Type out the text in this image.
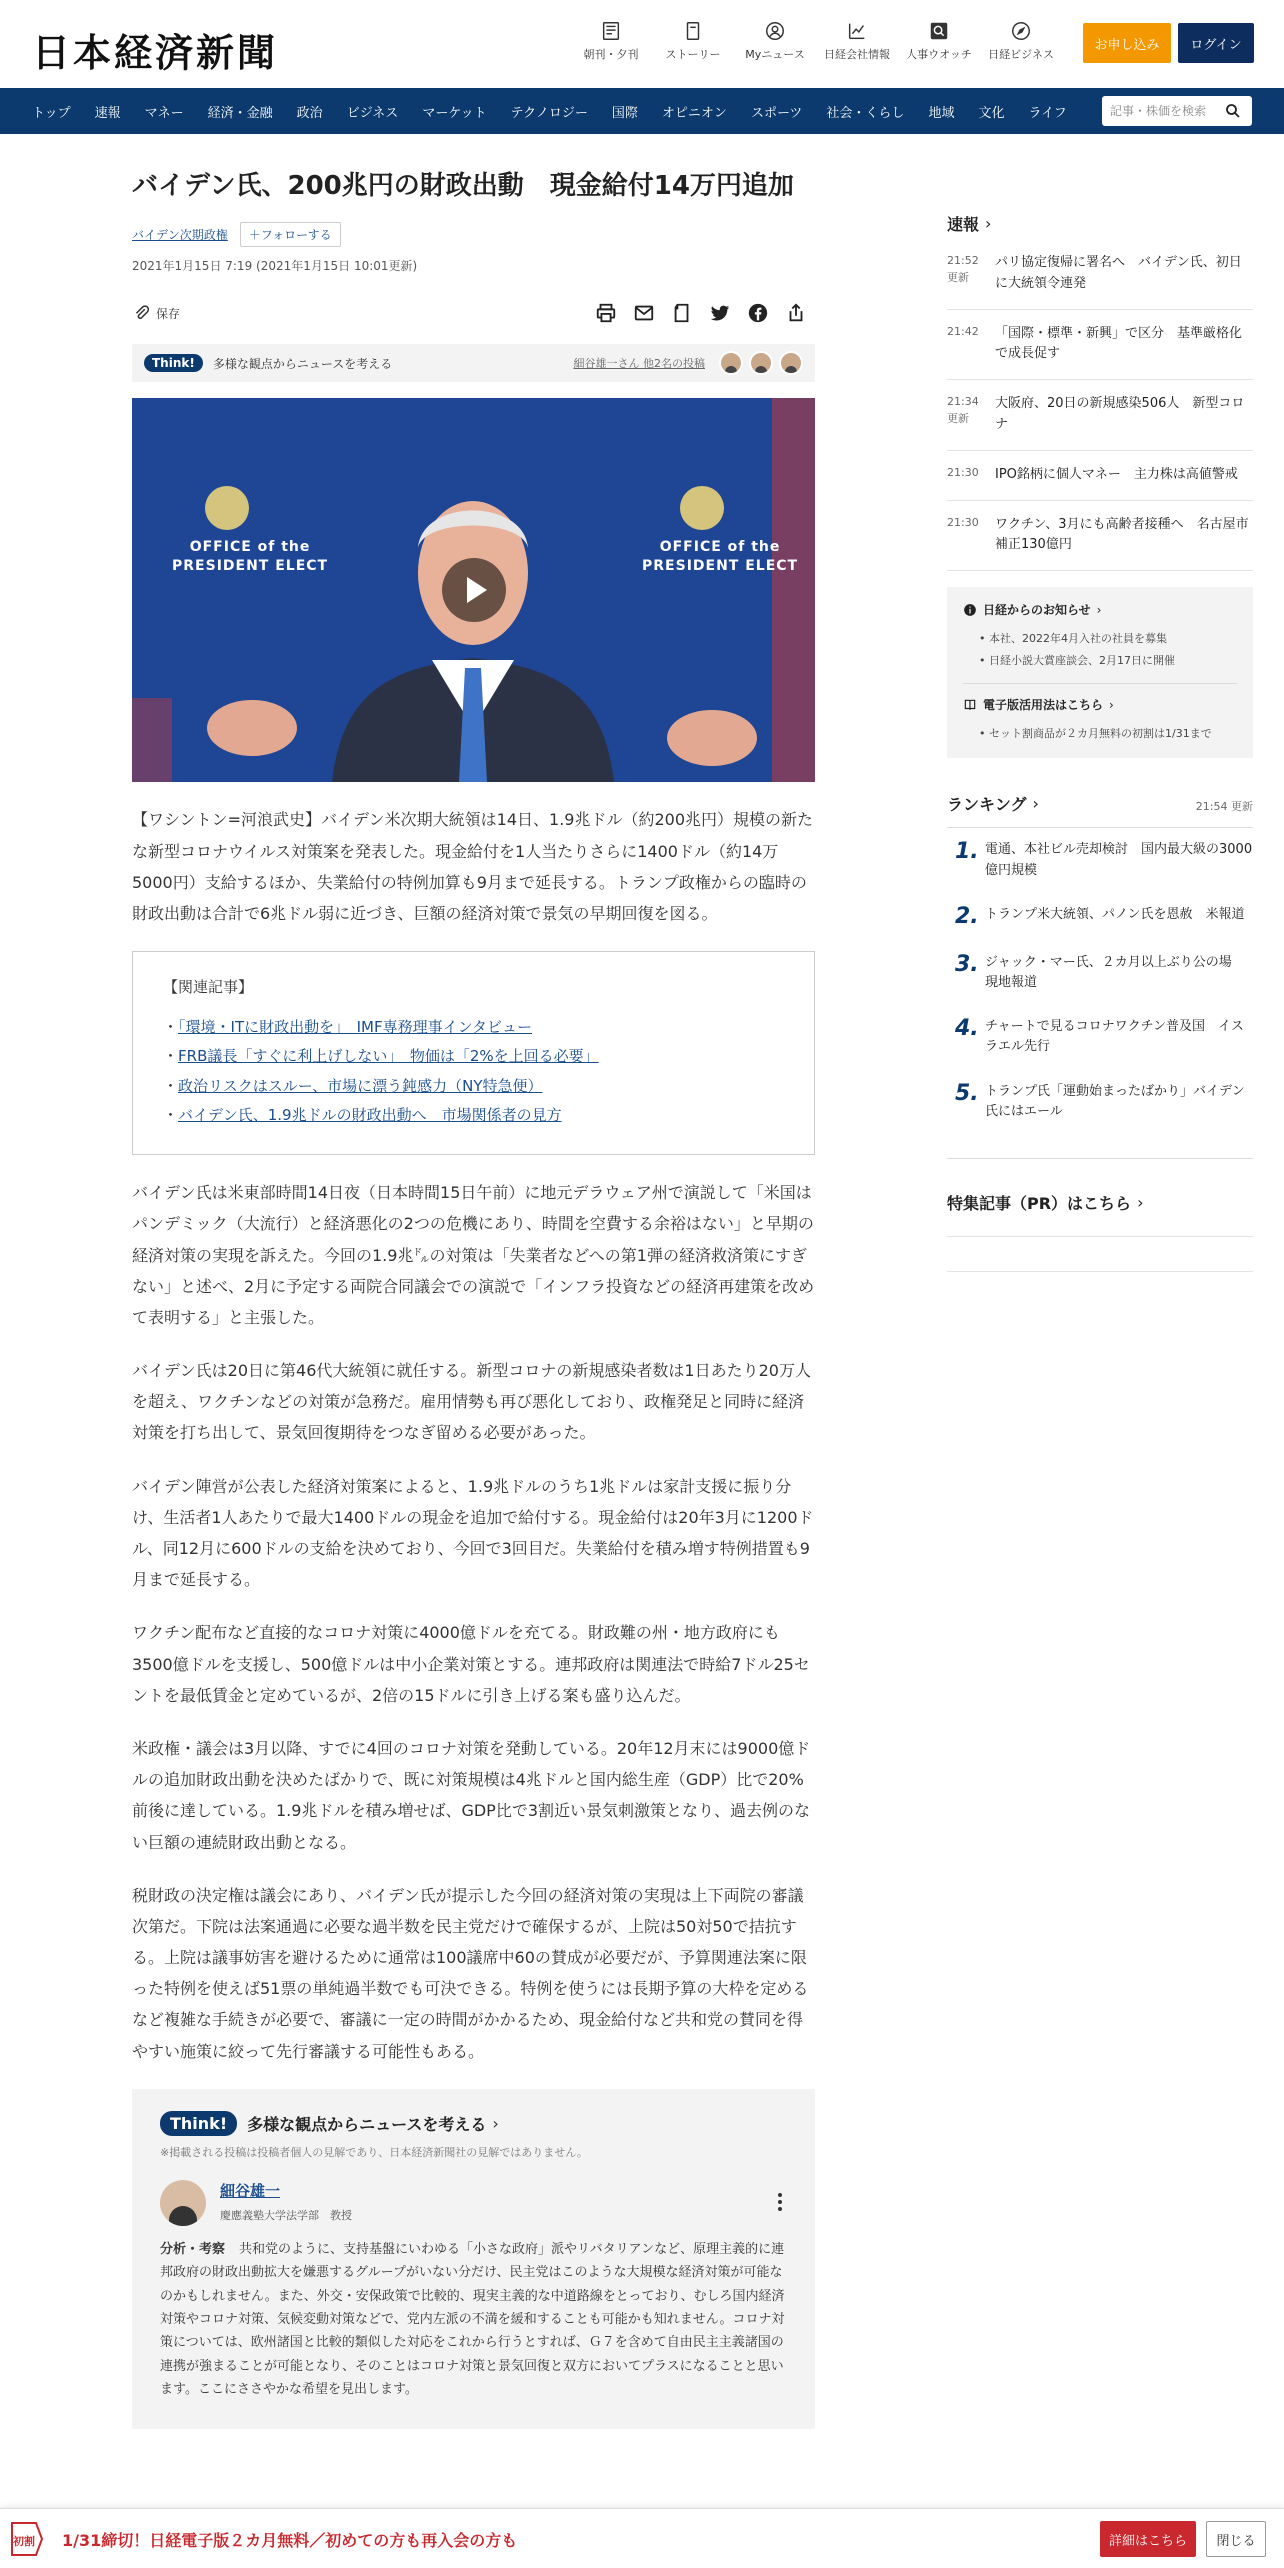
日本経済新聞	朝刊・夕刊 ストーリー Myニュース 日経会社情報 人事ウオッチ 日経ビジネス
お申し込み	ログイン
トップ	速報	マネー	経済・金融	政治	ビジネス	マーケット	テクノロジー	国際	オピニオン	スポーツ	社会・くらし	地域	文化	ライフ
記事・株価を検索
バイデン氏、200兆円の財政出動　現金給付14万円追加
バイデン次期政権	＋フォローする
2021年1月15日 7:19 (2021年1月15日 10:01更新)
保存
Think!	多様な観点からニュースを考える	細谷雄一さん 他2名の投稿
OFFICE of the
PRESIDENT ELECT
OFFICE of the
PRESIDENT ELECT

【ワシントン=河浪武史】バイデン米次期大統領は14日、1.9兆ドル（約200兆円）規模の新たな新型コロナウイルス対策案を発表した。現金給付を1人当たりさらに1400ドル（約14万5000円）支給するほか、失業給付の特例加算も9月まで延長する。トランプ政権からの臨時の財政出動は合計で6兆ドル弱に近づき、巨額の経済対策で景気の早期回復を図る。

【関連記事】
・「環境・ITに財政出動を」　IMF専務理事インタビュー
・FRB議長「すぐに利上げしない」　物価は「2%を上回る必要」
・政治リスクはスルー、市場に漂う鈍感力（NY特急便）
・バイデン氏、1.9兆ドルの財政出動へ　市場関係者の見方

バイデン氏は米東部時間14日夜（日本時間15日午前）に地元デラウェア州で演説して「米国はパンデミック（大流行）と経済悪化の2つの危機にあり、時間を空費する余裕はない」と早期の経済対策の実現を訴えた。今回の1.9兆㌦の対策は「失業者などへの第1弾の経済救済策にすぎない」と述べ、2月に予定する両院合同議会での演説で「インフラ投資などの経済再建策を改めて表明する」と主張した。

バイデン氏は20日に第46代大統領に就任する。新型コロナの新規感染者数は1日あたり20万人を超え、ワクチンなどの対策が急務だ。雇用情勢も再び悪化しており、政権発足と同時に経済対策を打ち出して、景気回復期待をつなぎ留める必要があった。

バイデン陣営が公表した経済対策案によると、1.9兆ドルのうち1兆ドルは家計支援に振り分け、生活者1人あたりで最大1400ドルの現金を追加で給付する。現金給付は20年3月に1200ドル、同12月に600ドルの支給を決めており、今回で3回目だ。失業給付を積み増す特例措置も9月まで延長する。

ワクチン配布など直接的なコロナ対策に4000億ドルを充てる。財政難の州・地方政府にも3500億ドルを支援し、500億ドルは中小企業対策とする。連邦政府は関連法で時給7ドル25セントを最低賃金と定めているが、2倍の15ドルに引き上げる案も盛り込んだ。

米政権・議会は3月以降、すでに4回のコロナ対策を発動している。20年12月末には9000億ドルの追加財政出動を決めたばかりで、既に対策規模は4兆ドルと国内総生産（GDP）比で20%前後に達している。1.9兆ドルを積み増せば、GDP比で3割近い景気刺激策となり、過去例のない巨額の連続財政出動となる。

税財政の決定権は議会にあり、バイデン氏が提示した今回の経済対策の実現は上下両院の審議次第だ。下院は法案通過に必要な過半数を民主党だけで確保するが、上院は50対50で拮抗する。上院は議事妨害を避けるために通常は100議席中60の賛成が必要だが、予算関連法案に限った特例を使えば51票の単純過半数でも可決できる。特例を使うには長期予算の大枠を定めるなど複雑な手続きが必要で、審議に一定の時間がかかるため、現金給付など共和党の賛同を得やすい施策に絞って先行審議する可能性もある。

Think!	多様な観点からニュースを考える ›
※掲載される投稿は投稿者個人の見解であり、日本経済新聞社の見解ではありません。
細谷雄一
慶應義塾大学法学部　教授

分析・考察 共和党のように、支持基盤にいわゆる「小さな政府」派やリバタリアンなど、原理主義的に連邦政府の財政出動拡大を嫌悪するグループがいない分だけ、民主党はこのような大規模な経済対策が可能なのかもしれません。また、外交・安保政策で比較的、現実主義的な中道路線をとっており、むしろ国内経済対策やコロナ対策、気候変動対策などで、党内左派の不満を緩和することも可能かも知れません。コロナ対策については、欧州諸国と比較的類似した対応をこれから行うとすれば、Ｇ７を含めて自由民主主義諸国の連携が強まることが可能となり、そのことはコロナ対策と景気回復と双方においてプラスになることと思います。ここにささやかな希望を見出します。

速報 ›
21:52
更新
パリ協定復帰に署名へ　バイデン氏、初日に大統領令連発
21:42	「国際・標準・新興」で区分　基準厳格化で成長促す
21:34
更新
大阪府、20日の新規感染506人　新型コロナ
21:30	IPO銘柄に個人マネー　主力株は高値警戒
21:30	ワクチン、3月にも高齢者接種へ　名古屋市補正130億円
日経からのお知らせ ›
• 本社、2022年4月入社の社員を募集
• 日経小説大賞座談会、2月17日に開催
電子版活用法はこちら ›
• セット割商品が２カ月無料の初割は1/31まで
ランキング ›	21:54 更新
1. 電通、本社ビル売却検討　国内最大級の3000億円規模
2. トランプ米大統領、パノン氏を恩赦　米報道
3. ジャック・マー氏、２カ月以上ぶり公の場　現地報道
4. チャートで見るコロナワクチン普及国　イスラエル先行
5. トランプ氏「運動始まったばかり」バイデン氏にはエール
特集記事（PR）はこちら ›
初割 1/31締切！日経電子版２カ月無料／初めての方も再入会の方も	詳細はこちら	閉じる
